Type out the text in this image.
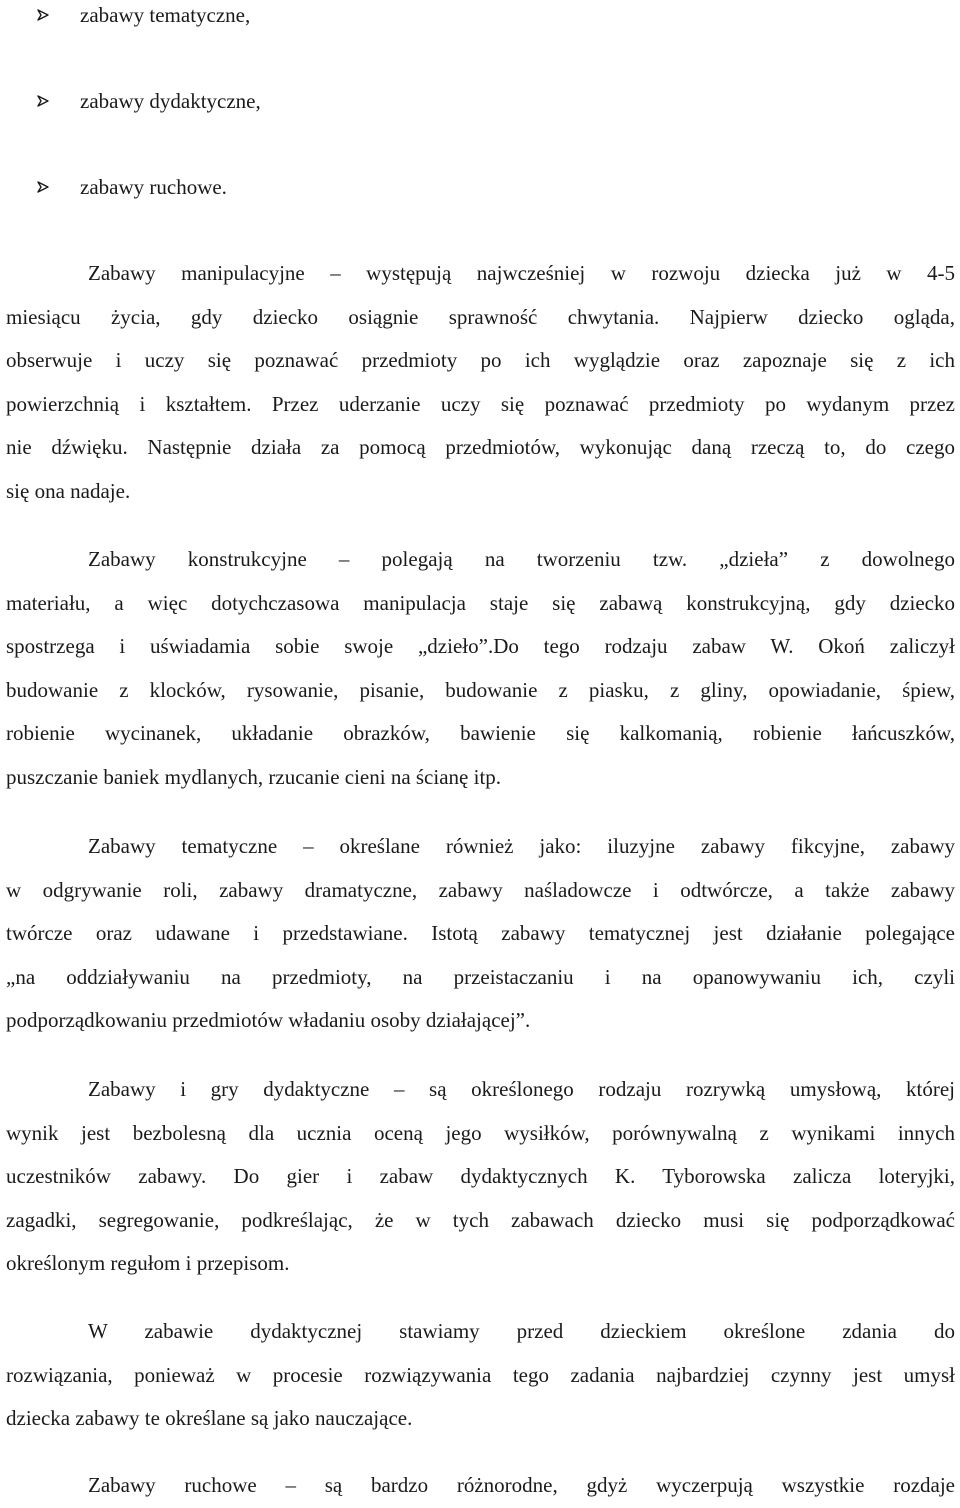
zabawy tematyczne,
zabawy dydaktyczne,
zabawy ruchowe.
Zabawy manipulacyjne – występują najwcześniej w rozwoju dziecka już w 4-5
miesiącu życia, gdy dziecko osiągnie sprawność chwytania. Najpierw dziecko ogląda,
obserwuje i uczy się poznawać przedmioty po ich wyglądzie oraz zapoznaje się z ich
powierzchnią i kształtem. Przez uderzanie uczy się poznawać przedmioty po wydanym przez
nie dźwięku. Następnie działa za pomocą przedmiotów, wykonując daną rzeczą to, do czego
się ona nadaje.
Zabawy konstrukcyjne – polegają na tworzeniu tzw. „dzieła” z dowolnego
materiału, a więc dotychczasowa manipulacja staje się zabawą konstrukcyjną, gdy dziecko
spostrzega i uświadamia sobie swoje „dzieło”.Do tego rodzaju zabaw W. Okoń zaliczył
budowanie z klocków, rysowanie, pisanie, budowanie z piasku, z gliny, opowiadanie, śpiew,
robienie wycinanek, układanie obrazków, bawienie się kalkomanią, robienie łańcuszków,
puszczanie baniek mydlanych, rzucanie cieni na ścianę itp.
Zabawy tematyczne – określane również jako: iluzyjne zabawy fikcyjne, zabawy
w odgrywanie roli, zabawy dramatyczne, zabawy naśladowcze i odtwórcze, a także zabawy
twórcze oraz udawane i przedstawiane. Istotą zabawy tematycznej jest działanie polegające
„na oddziaływaniu na przedmioty, na przeistaczaniu i na opanowywaniu ich, czyli
podporządkowaniu przedmiotów władaniu osoby działającej”.
Zabawy i gry dydaktyczne – są określonego rodzaju rozrywką umysłową, której
wynik jest bezbolesną dla ucznia oceną jego wysiłków, porównywalną z wynikami innych
uczestników zabawy. Do gier i zabaw dydaktycznych K. Tyborowska zalicza loteryjki,
zagadki, segregowanie, podkreślając, że w tych zabawach dziecko musi się podporządkować
określonym regułom i przepisom.
W zabawie dydaktycznej stawiamy przed dzieckiem określone zdania do
rozwiązania, ponieważ w procesie rozwiązywania tego zadania najbardziej czynny jest umysł
dziecka zabawy te określane są jako nauczające.
Zabawy ruchowe – są bardzo różnorodne, gdyż wyczerpują wszystkie rozdaje
